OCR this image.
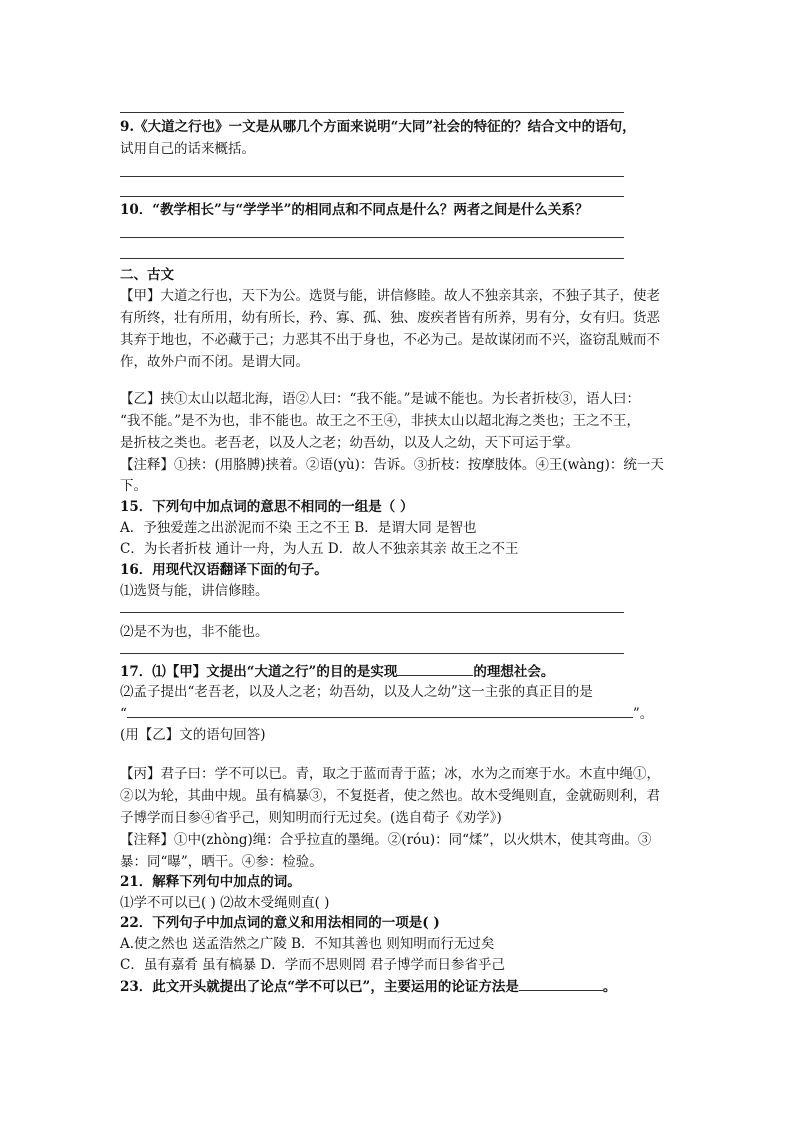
9.《大道之行也》一文是从哪几个方面来说明“大同”社会的特征的？结合文中的语句，
试用自己的话来概括。
10．“教学相长”与“学学半”的相同点和不同点是什么？两者之间是什么关系？
二、古文
【甲】大道之行也，天下为公。选贤与能，讲信修睦。故人不独亲其亲，不独子其子，使老
有所终，壮有所用，幼有所长，矜、寡、孤、独、废疾者皆有所养，男有分，女有归。货恶
其弃于地也，不必藏于己；力恶其不出于身也，不必为己。是故谋闭而不兴，盗窃乱贼而不
作，故外户而不闭。是谓大同。
【乙】挟①太山以超北海，语②人曰：“我不能。”是诚不能也。为长者折枝③，语人曰：
“我不能。”是不为也，非不能也。故王之不王④，非挟太山以超北海之类也；王之不王，
是折枝之类也。老吾老，以及人之老；幼吾幼，以及人之幼，天下可运于掌。
【注释】①挟：(用胳膊)挟着。②语(yù)：告诉。③折枝：按摩肢体。④王(wàng)：统一天
下。
15．下列句中加点词的意思不相同的一组是（ ）
A．予独爱莲之出淤泥而不染 王之不王 B．是谓大同 是智也
C．为长者折枝 通计一舟，为人五 D．故人不独亲其亲 故王之不王
16．用现代汉语翻译下面的句子。
⑴选贤与能，讲信修睦。
⑵是不为也，非不能也。
17．⑴【甲】文提出“大道之行”的目的是实现	的理想社会。
⑵孟子提出“老吾老，以及人之老；幼吾幼，以及人之幼”这一主张的真正目的是
“	”。
(用【乙】文的语句回答)
【丙】君子曰：学不可以已。青，取之于蓝而青于蓝；冰，水为之而寒于水。木直中绳①，
②以为轮，其曲中规。虽有槁暴③，不复挺者，使之然也。故木受绳则直，金就砺则利，君
子博学而日参④省乎己，则知明而行无过矣。(选自荀子《劝学》)
【注释】①中(zhòng)绳：合乎拉直的墨绳。②(róu)：同“煣”，以火烘木，使其弯曲。③
暴：同“曝”，晒干。④参：检验。
21．解释下列句中加点的词。
⑴学不可以已( ) ⑵故木受绳则直( )
22．下列句子中加点词的意义和用法相同的一项是( )
A.使之然也 送孟浩然之广陵 B．不知其善也 则知明而行无过矣
C．虽有嘉肴 虽有槁暴 D．学而不思则罔 君子博学而日参省乎己
23．此文开头就提出了论点“学不可以已”，主要运用的论证方法是	。
